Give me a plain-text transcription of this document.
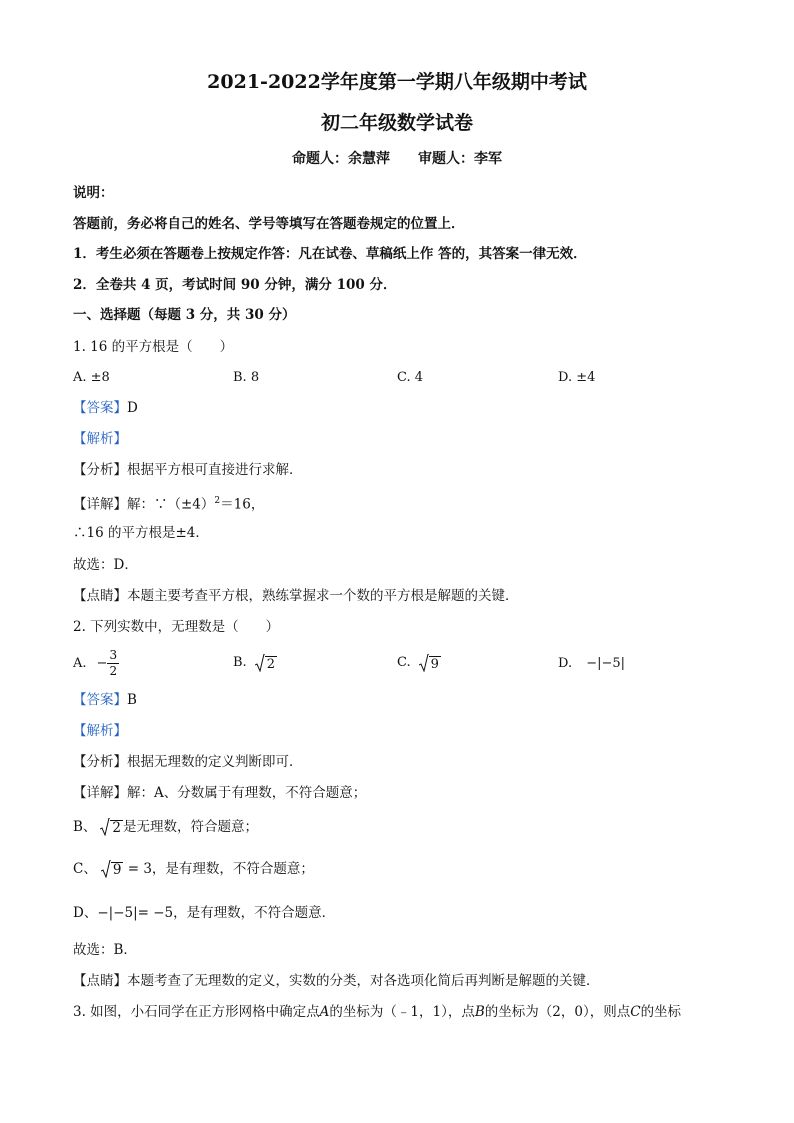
2021-2022学年度第一学期八年级期中考试
初二年级数学试卷
命题人：余慧萍　　审题人：李军
说明：
答题前，务必将自己的姓名、学号等填写在答题卷规定的位置上．
1．考生必须在答题卷上按规定作答：凡在试卷、草稿纸上作 答的，其答案一律无效．
2．全卷共 4 页，考试时间 90 分钟，满分 100 分．
一、选择题（每题 3 分，共 30 分）
1. 16 的平方根是（　　）
A. ±8	B. 8	C. 4	D. ±4
【答案】D
【解析】
【分析】根据平方根可直接进行求解．
【详解】解：$\because(\pm 4)^2=16$，
∴16 的平方根是±4．
故选：D．
【点睛】本题主要考查平方根，熟练掌握求一个数的平方根是解题的关键．
2. 下列实数中，无理数是（　　）
A. − $\frac{3}{2}$	B. 2	C. 9	D. −|−5|
【答案】B
【解析】
【分析】根据无理数的定义判断即可．
【详解】解：A、分数属于有理数，不符合题意；
B、 2 是无理数，符合题意；
C、 9 = 3 ，是有理数，不符合题意；
D、−|−5|= −5，是有理数，不符合题意．
故选：B．
【点睛】本题考查了无理数的定义，实数的分类，对各选项化简后再判断是解题的关键．
3. 如图，小石同学在正方形网格中确定点A的坐标为（﹣1，1），点B的坐标为（2，0），则点C的坐标
